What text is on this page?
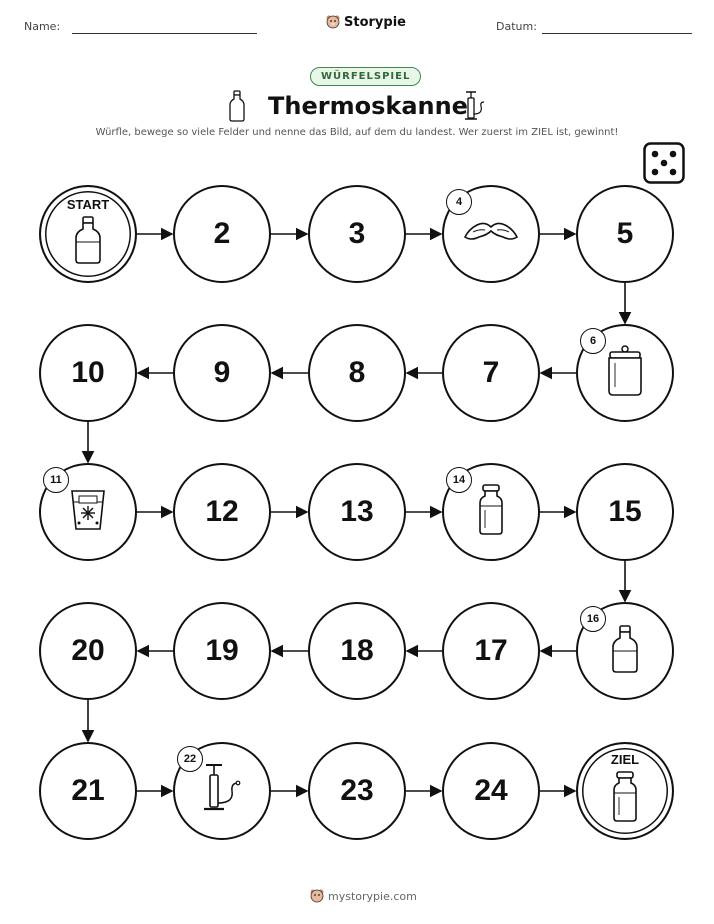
Name:	Storypie	Datum:
WÜRFELSPIEL
Thermoskanne
Würfle, bewege so viele Felder und nenne das Bild, auf dem du landest. Wer zuerst im ZIEL ist, gewinnt!
START
2	3
4
5
6
7
8
9
10
11
12	13
14
15
16
17
18
19
20
21
22
23	24
ZIEL
mystorypie.com
